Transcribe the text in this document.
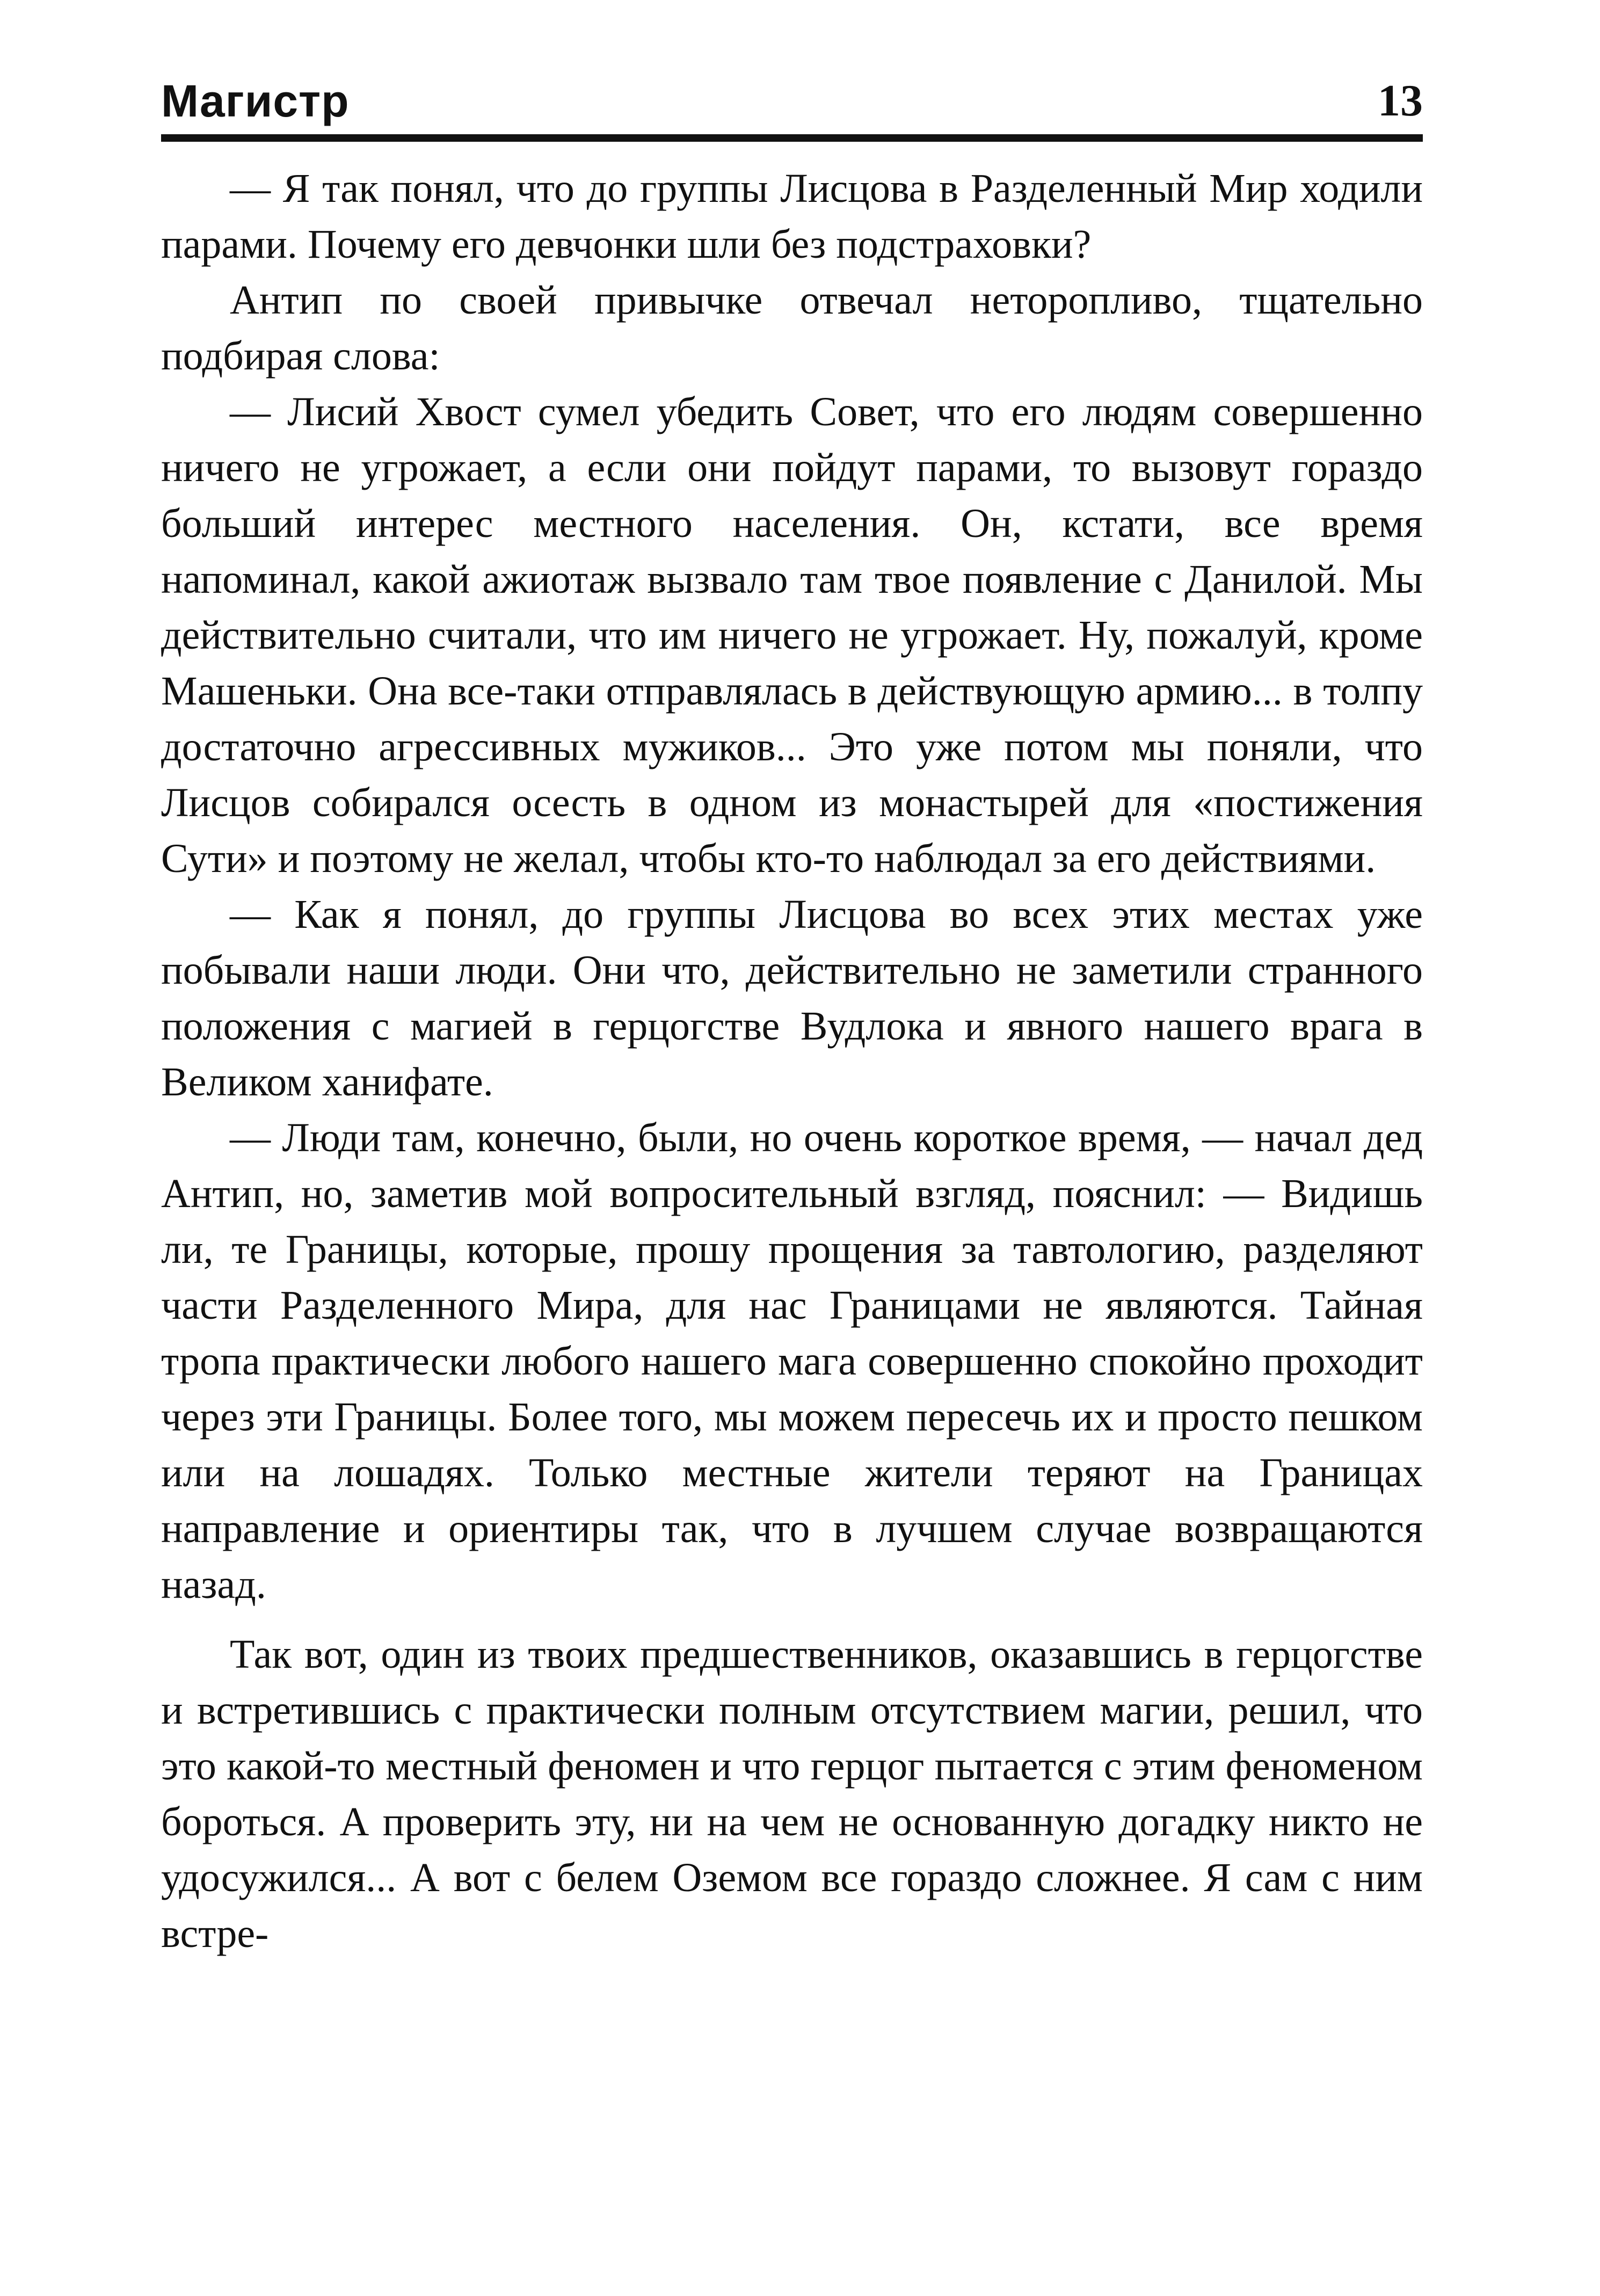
Магистр	13

— Я так понял, что до группы Лисцова в Разделенный Мир ходили парами. Почему его девчонки шли без подстраховки?

Антип по своей привычке отвечал неторопливо, тщательно подбирая слова:

— Лисий Хвост сумел убедить Совет, что его людям совершенно ничего не угрожает, а если они пойдут парами, то вызовут гораздо больший интерес местного населения. Он, кстати, все время напоминал, какой ажиотаж вызвало там твое появление с Данилой. Мы действительно считали, что им ничего не угрожает. Ну, пожалуй, кроме Машеньки. Она все-таки отправлялась в действующую армию... в толпу достаточно агрессивных мужиков... Это уже потом мы поняли, что Лисцов собирался осесть в одном из монастырей для «постижения Сути» и поэтому не желал, чтобы кто-то наблюдал за его действиями.

— Как я понял, до группы Лисцова во всех этих местах уже побывали наши люди. Они что, действительно не заметили странного положения с магией в герцогстве Вудлока и явного нашего врага в Великом ханифате.

— Люди там, конечно, были, но очень короткое время, — начал дед Антип, но, заметив мой вопросительный взгляд, пояснил: — Видишь ли, те Границы, которые, прошу прощения за тавтологию, разделяют части Разделенного Мира, для нас Границами не являются. Тайная тропа практически любого нашего мага совершенно спокойно проходит через эти Границы. Более того, мы можем пересечь их и просто пешком или на лошадях. Только местные жители теряют на Границах направление и ориентиры так, что в лучшем случае возвращаются назад.

Так вот, один из твоих предшественников, оказавшись в герцогстве и встретившись с практически полным отсутствием магии, решил, что это какой-то местный феномен и что герцог пытается с этим феноменом бороться. А проверить эту, ни на чем не основанную догадку никто не удосужился... А вот с белем Оземом все гораздо сложнее. Я сам с ним встре-
